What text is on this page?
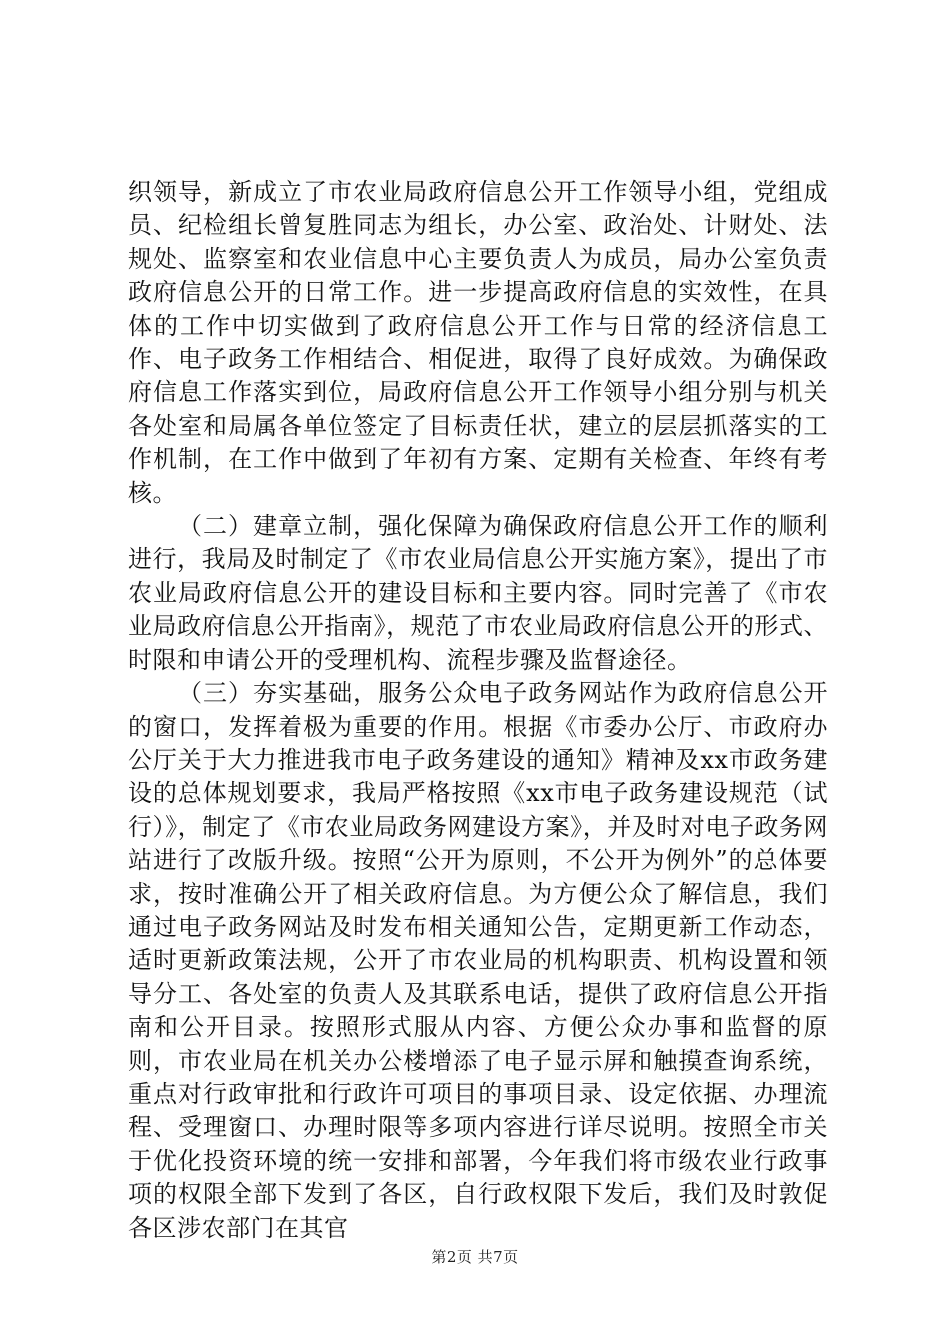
织领导，新成立了市农业局政府信息公开工作领导小组，党组成员、纪检组长曾复胜同志为组长，办公室、政治处、计财处、法规处、监察室和农业信息中心主要负责人为成员，局办公室负责政府信息公开的日常工作。进一步提高政府信息的实效性，在具体的工作中切实做到了政府信息公开工作与日常的经济信息工作、电子政务工作相结合、相促进，取得了良好成效。为确保政府信息工作落实到位，局政府信息公开工作领导小组分别与机关各处室和局属各单位签定了目标责任状，建立的层层抓落实的工作机制，在工作中做到了年初有方案、定期有关检查、年终有考核。

（二）建章立制，强化保障为确保政府信息公开工作的顺利进行，我局及时制定了《市农业局信息公开实施方案》，提出了市农业局政府信息公开的建设目标和主要内容。同时完善了《市农业局政府信息公开指南》，规范了市农业局政府信息公开的形式、时限和申请公开的受理机构、流程步骤及监督途径。

（三）夯实基础，服务公众电子政务网站作为政府信息公开的窗口，发挥着极为重要的作用。根据《市委办公厅、市政府办公厅关于大力推进我市电子政务建设的通知》精神及xx市政务建设的总体规划要求，我局严格按照《xx市电子政务建设规范（试行）》，制定了《市农业局政务网建设方案》，并及时对电子政务网站进行了改版升级。按照“公开为原则，不公开为例外”的总体要求，按时准确公开了相关政府信息。为方便公众了解信息，我们通过电子政务网站及时发布相关通知公告，定期更新工作动态，适时更新政策法规，公开了市农业局的机构职责、机构设置和领导分工、各处室的负责人及其联系电话，提供了政府信息公开指南和公开目录。按照形式服从内容、方便公众办事和监督的原则，市农业局在机关办公楼增添了电子显示屏和触摸查询系统，重点对行政审批和行政许可项目的事项目录、设定依据、办理流程、受理窗口、办理时限等多项内容进行详尽说明。按照全市关于优化投资环境的统一安排和部署，今年我们将市级农业行政事项的权限全部下发到了各区，自行政权限下发后，我们及时敦促各区涉农部门在其官

第2页 共7页
